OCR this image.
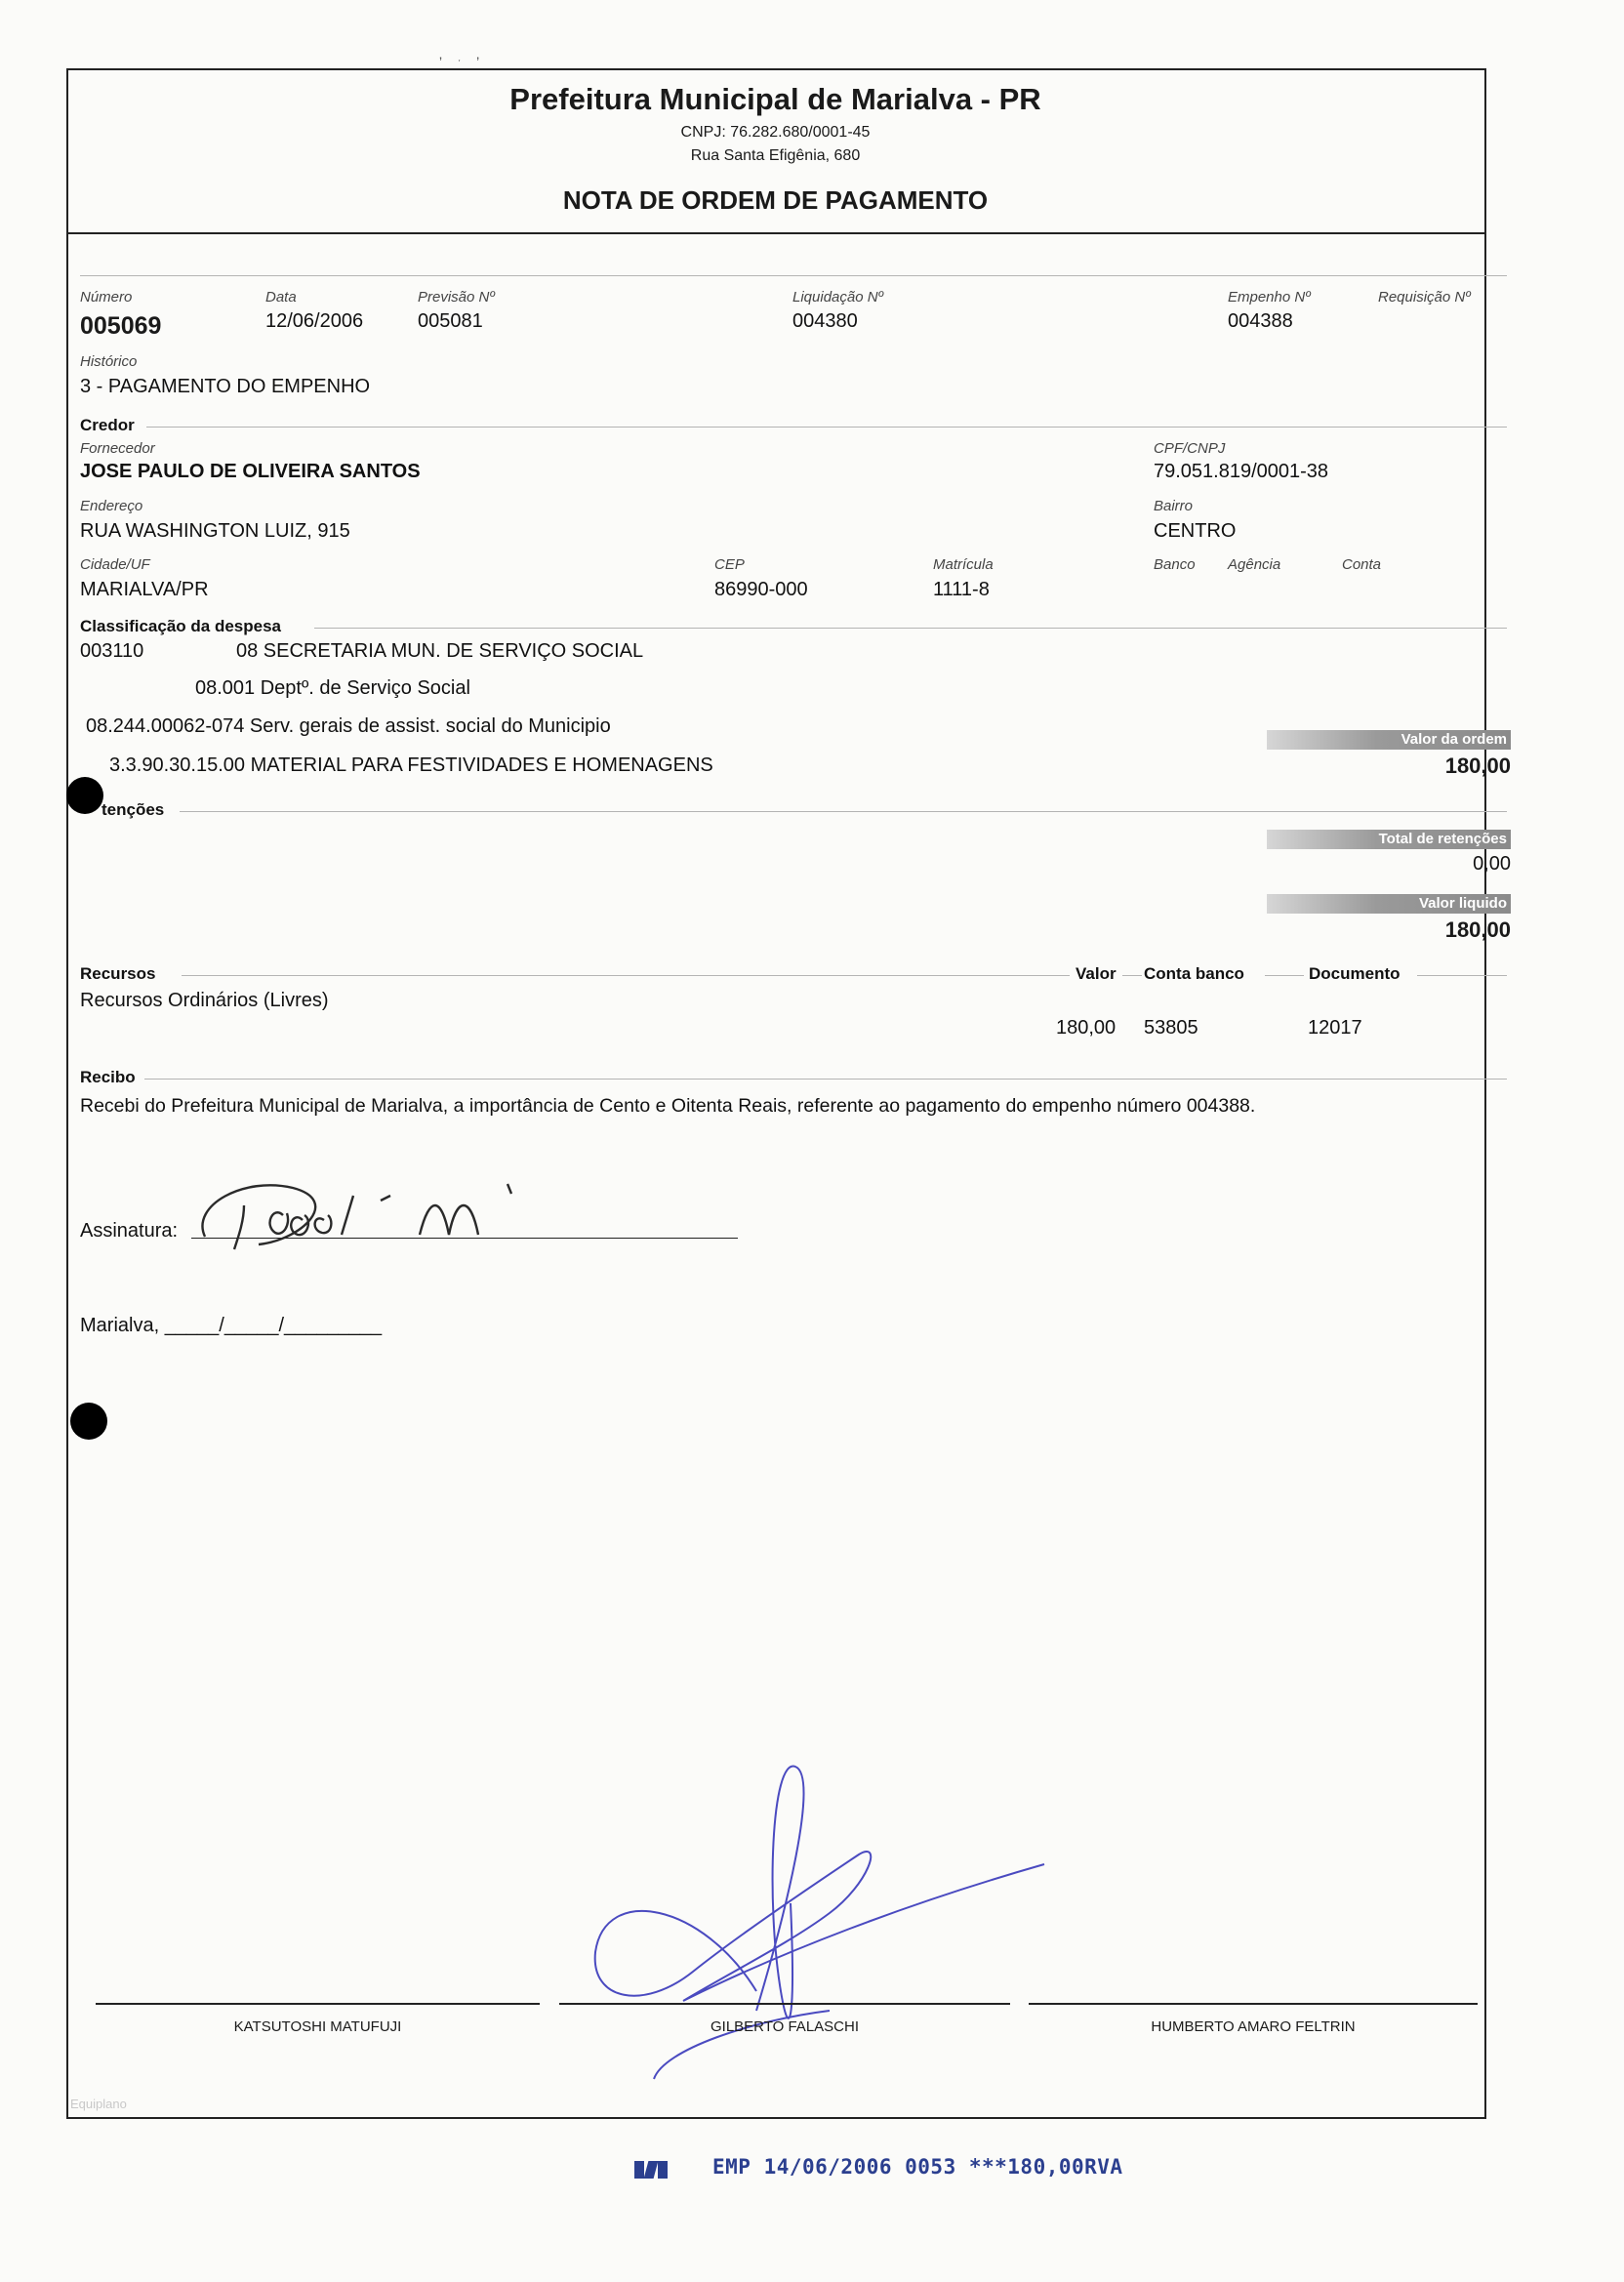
ʼ    ˑ    ʼ
Prefeitura Municipal de Marialva - PR
CNPJ: 76.282.680/0001-45
Rua Santa Efigênia, 680
NOTA DE ORDEM DE PAGAMENTO
Número
005069
Data
12/06/2006
Previsão Nº
005081
Liquidação Nº
004380
Empenho Nº
004388
Requisição Nº
Histórico
3 - PAGAMENTO DO EMPENHO
Credor
Fornecedor
JOSE PAULO DE OLIVEIRA SANTOS
CPF/CNPJ
79.051.819/0001-38
Endereço
RUA WASHINGTON LUIZ, 915
Bairro
CENTRO
Cidade/UF
MARIALVA/PR
CEP
86990-000
Matrícula
1111-8
Banco Agência	Conta
Classificação da despesa
003110	08 SECRETARIA MUN. DE SERVIÇO SOCIAL
08.001 Deptº. de Serviço Social
08.244.00062-074 Serv. gerais de assist. social do Municipio
3.3.90.30.15.00 MATERIAL PARA FESTIVIDADES E HOMENAGENS
Valor da ordem
180,00
tenções
Total de retenções
0,00
Valor liquido
180,00
Recursos	Valor Conta banco	Documento
Recursos Ordinários (Livres)
180,00 53805	12017
Recibo
Recebi do Prefeitura Municipal de Marialva, a importância de Cento e Oitenta Reais, referente ao pagamento do empenho número 004388.
Assinatura:
Marialva, _____/_____/_________
KATSUTOSHI MATUFUJI	GILBERTO FALASCHI	HUMBERTO AMARO FELTRIN
Equiplano
EMP 14/06/2006 0053 ***180,00RVA
